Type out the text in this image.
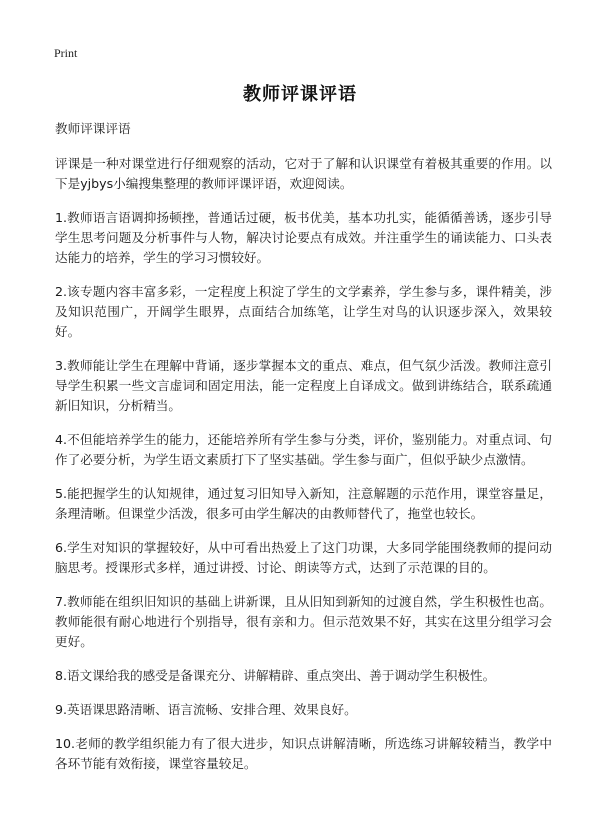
Print
教师评课评语

教师评课评语

评课是一种对课堂进行仔细观察的活动，它对于了解和认识课堂有着极其重要的作用。以下是yjbys小编搜集整理的教师评课评语，欢迎阅读。

1.教师语言语调抑扬顿挫，普通话过硬，板书优美，基本功扎实，能循循善诱，逐步引导学生思考问题及分析事件与人物，解决讨论要点有成效。并注重学生的诵读能力、口头表达能力的培养，学生的学习习惯较好。

2.该专题内容丰富多彩，一定程度上积淀了学生的文学素养，学生参与多，课件精美，涉及知识范围广，开阔学生眼界，点面结合加练笔，让学生对鸟的认识逐步深入，效果较好。

3.教师能让学生在理解中背诵，逐步掌握本文的重点、难点，但气氛少活泼。教师注意引导学生积累一些文言虚词和固定用法，能一定程度上自译成文。做到讲练结合，联系疏通新旧知识，分析精当。

4.不但能培养学生的能力，还能培养所有学生参与分类，评价，鉴别能力。对重点词、句作了必要分析，为学生语文素质打下了坚实基础。学生参与面广，但似乎缺少点激情。

5.能把握学生的认知规律，通过复习旧知导入新知，注意解题的示范作用，课堂容量足，条理清晰。但课堂少活泼，很多可由学生解决的由教师替代了，拖堂也较长。

6.学生对知识的掌握较好，从中可看出热爱上了这门功课，大多同学能围绕教师的提问动脑思考。授课形式多样，通过讲授、讨论、朗读等方式，达到了示范课的目的。

7.教师能在组织旧知识的基础上讲新课，且从旧知到新知的过渡自然，学生积极性也高。教师能很有耐心地进行个别指导，很有亲和力。但示范效果不好，其实在这里分组学习会更好。

8.语文课给我的感受是备课充分、讲解精辟、重点突出、善于调动学生积极性。

9.英语课思路清晰、语言流畅、安排合理、效果良好。

10.老师的教学组织能力有了很大进步，知识点讲解清晰，所选练习讲解较精当，教学中各环节能有效衔接，课堂容量较足。
